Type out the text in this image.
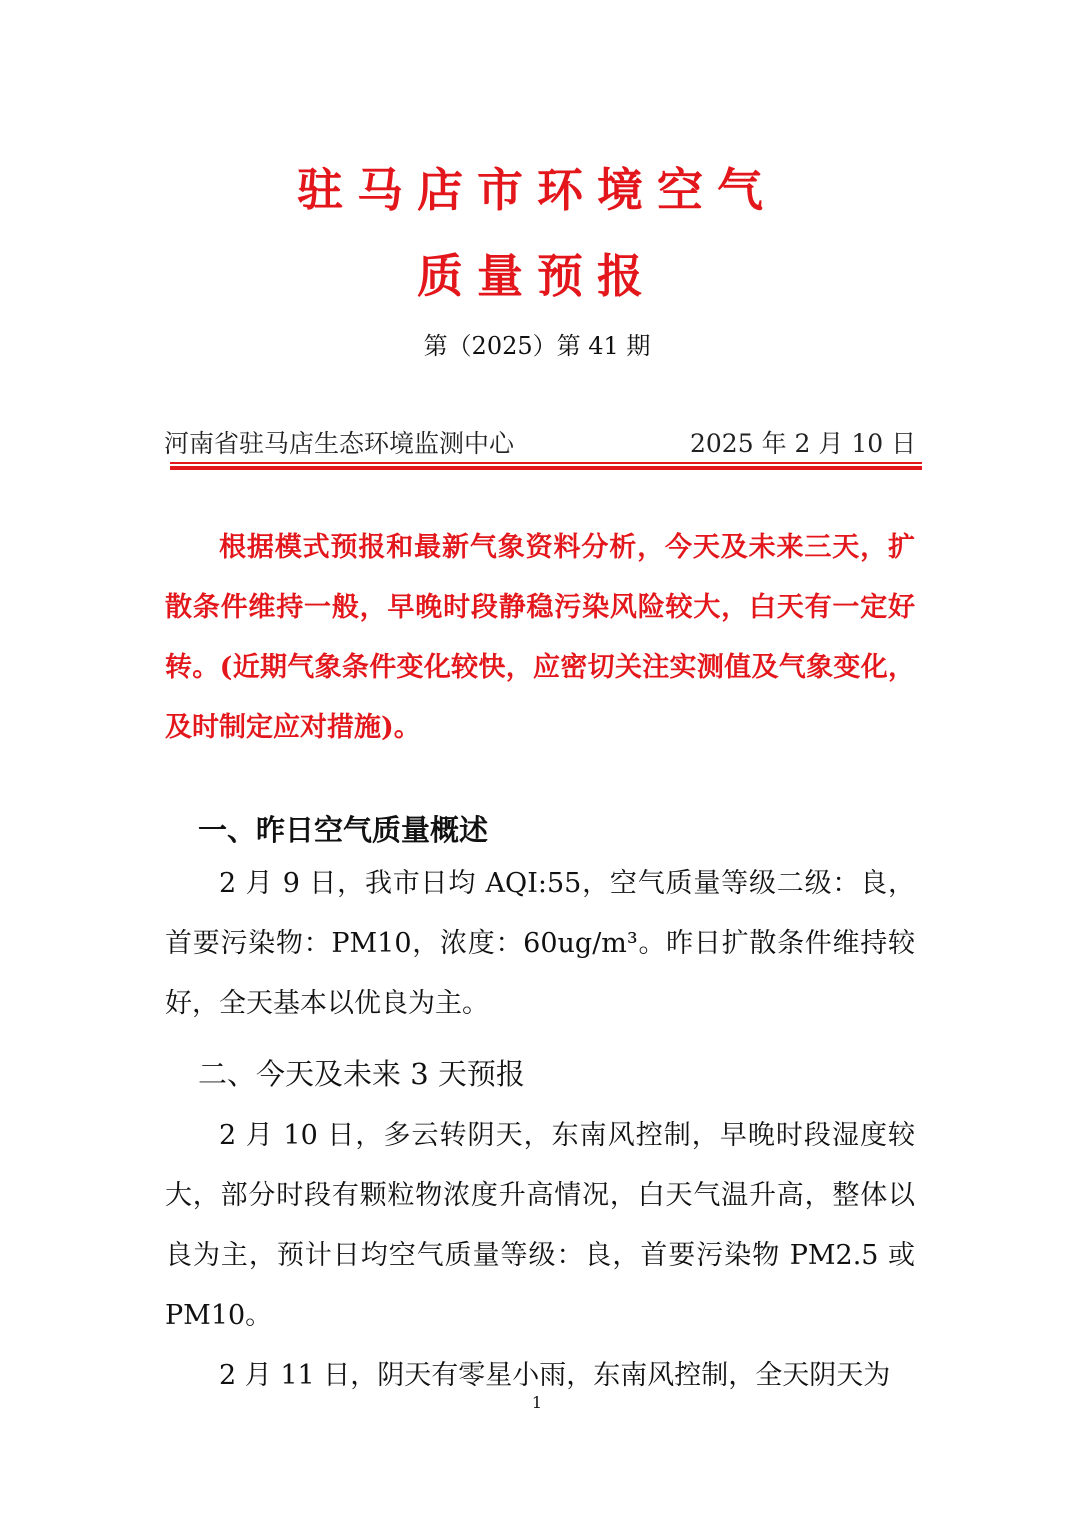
驻马店市环境空气
质量预报
第（2025）第 41 期
河南省驻马店生态环境监测中心	2025 年 2 月 10 日

根据模式预报和最新气象资料分析，今天及未来三天，扩散条件维持一般，早晚时段静稳污染风险较大，白天有一定好转。(近期气象条件变化较快，应密切关注实测值及气象变化，及时制定应对措施)。

一、昨日空气质量概述

2 月 9 日，我市日均 AQI:55，空气质量等级二级：良，首要污染物：PM10，浓度：60ug/m³。昨日扩散条件维持较好，全天基本以优良为主。

二、今天及未来 3 天预报

2 月 10 日，多云转阴天，东南风控制，早晚时段湿度较大，部分时段有颗粒物浓度升高情况，白天气温升高，整体以良为主，预计日均空气质量等级：良，首要污染物 PM2.5 或 PM10。

2 月 11 日，阴天有零星小雨，东南风控制，全天阴天为

1
